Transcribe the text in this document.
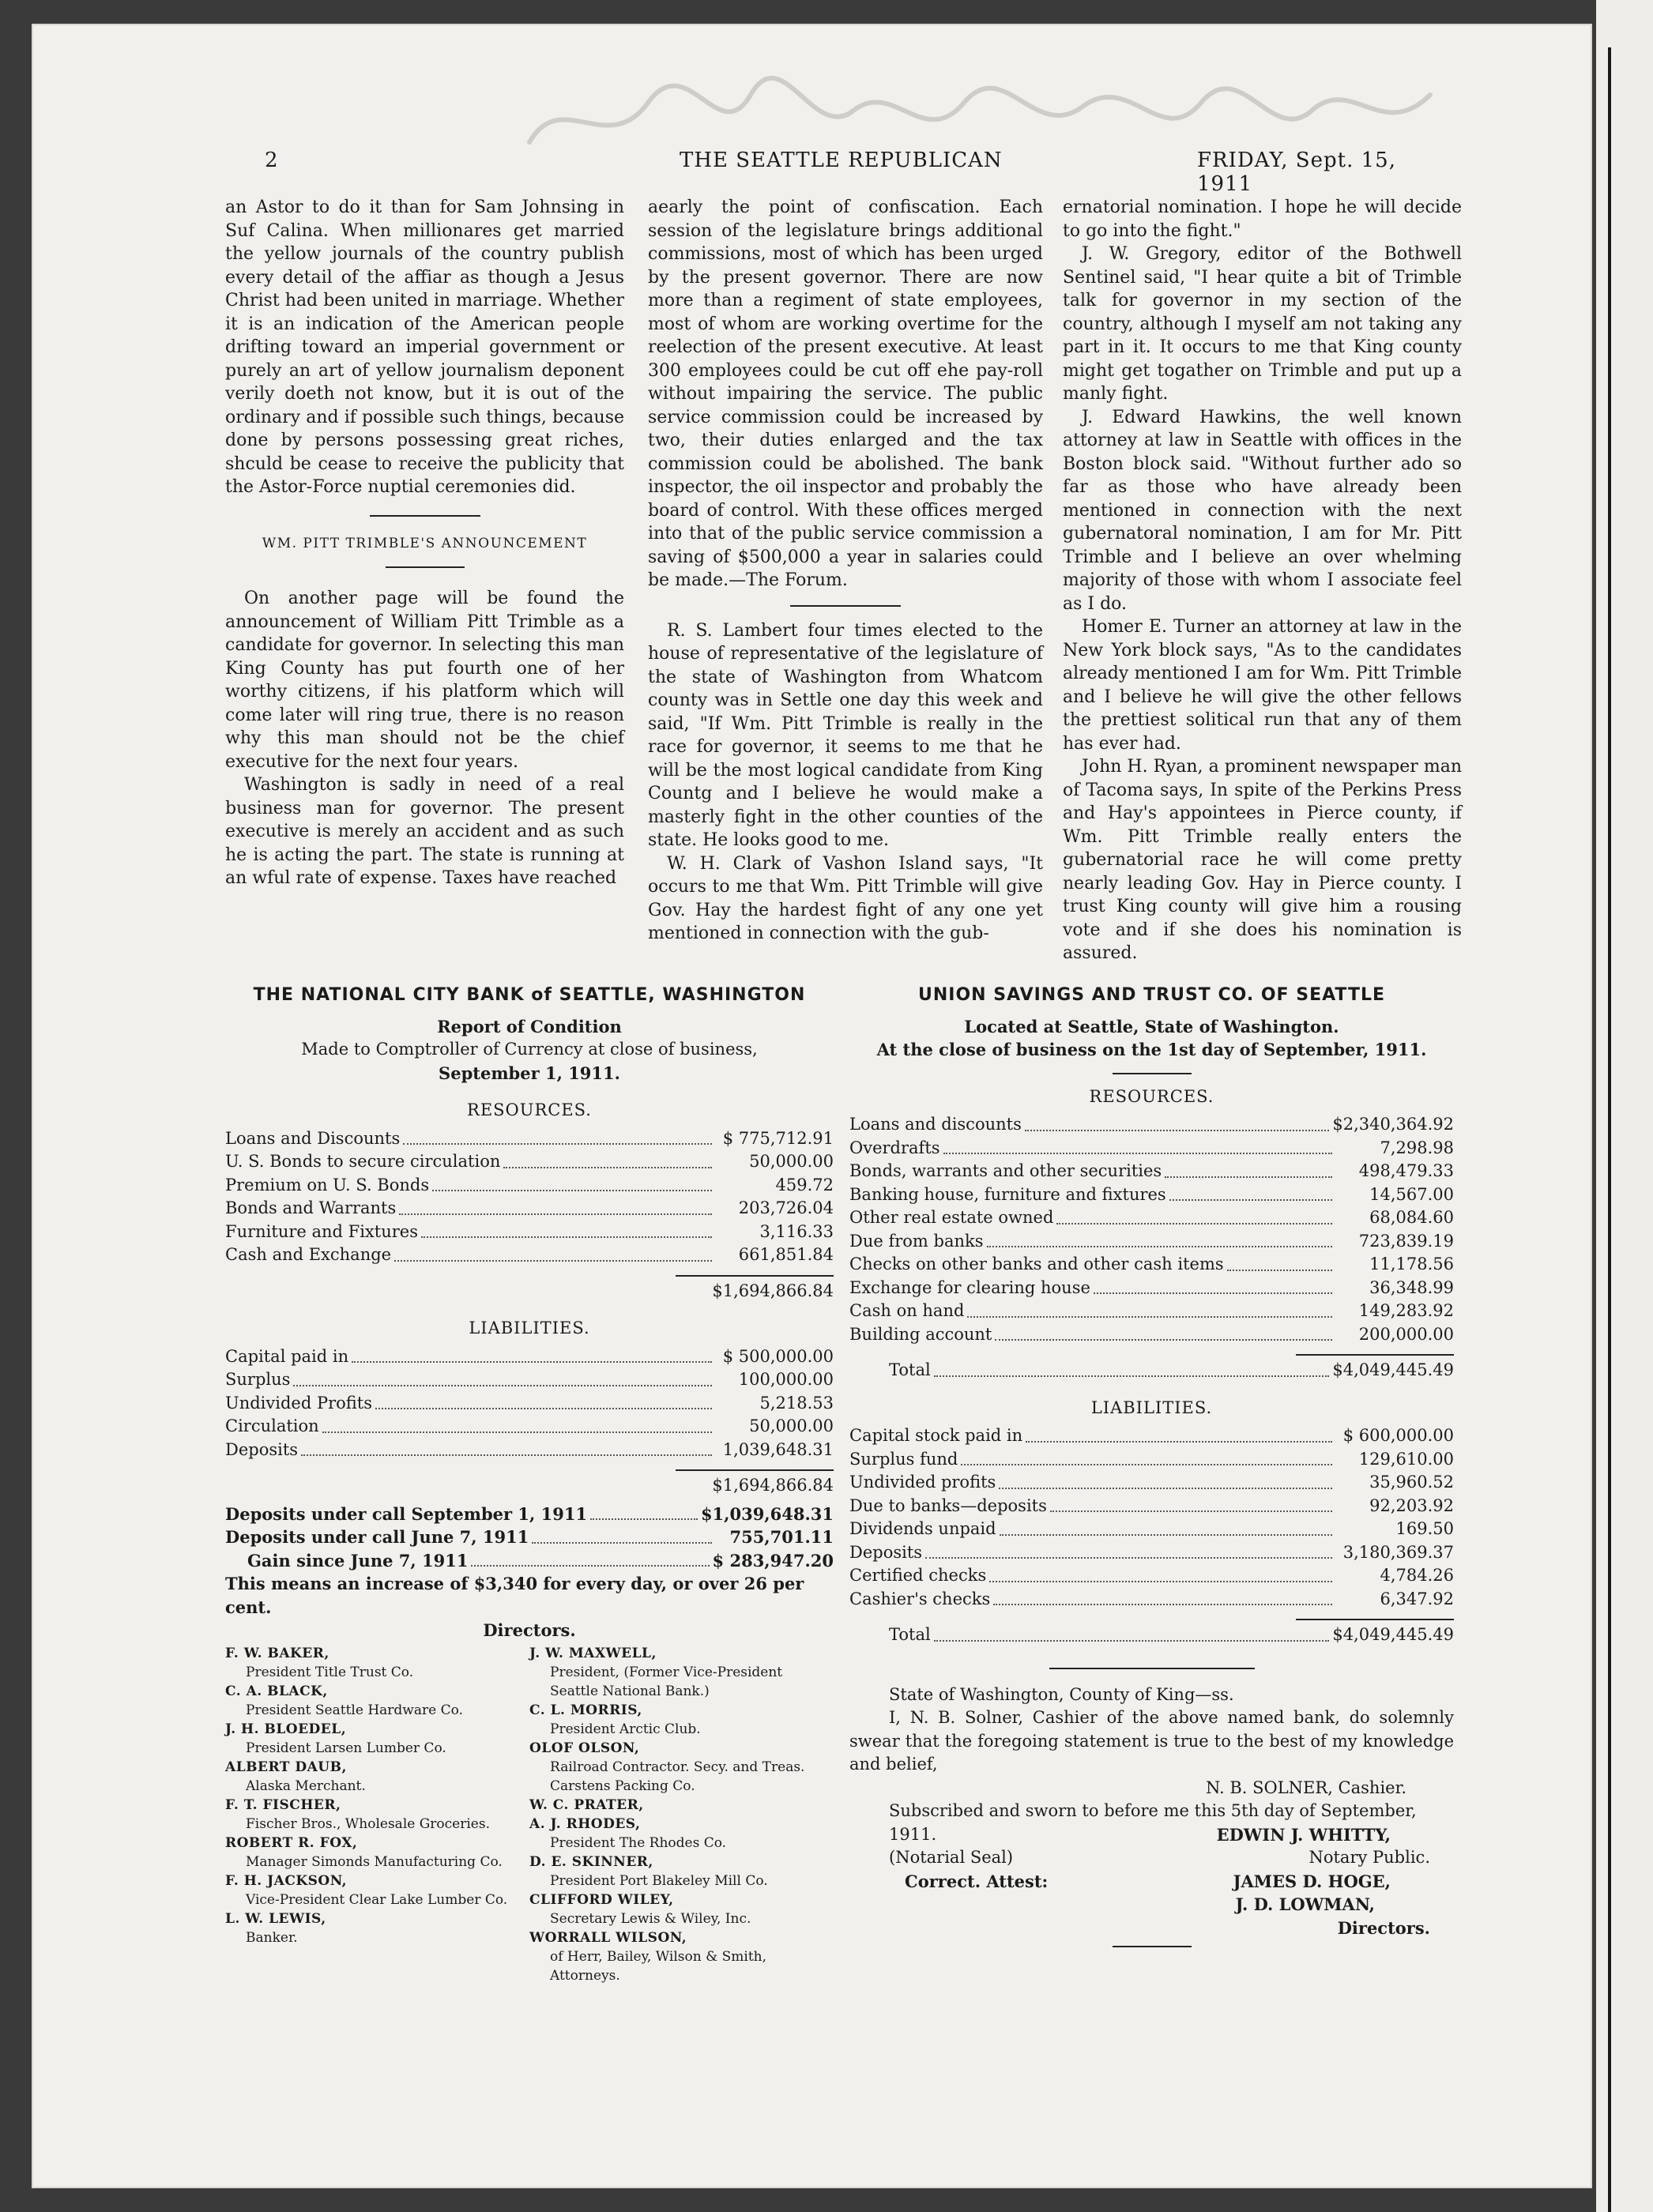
2	THE SEATTLE REPUBLICAN	FRIDAY, Sept. 15, 1911

an Astor to do it than for Sam Johnsing in Suf Calina. When millionares get married the yellow journals of the country publish every detail of the affiar as though a Jesus Christ had been united in marriage. Whether it is an indication of the American people drifting toward an imperial government or purely an art of yellow journalism deponent verily doeth not know, but it is out of the ordinary and if possible such things, because done by persons possessing great riches, shculd be cease to receive the publicity that the Astor-Force nuptial ceremonies did.

WM. PITT TRIMBLE'S ANNOUNCEMENT

On another page will be found the announcement of William Pitt Trimble as a candidate for governor. In selecting this man King County has put fourth one of her worthy citizens, if his platform which will come later will ring true, there is no reason why this man should not be the chief executive for the next four years.

Washington is sadly in need of a real business man for governor. The present executive is merely an accident and as such he is acting the part. The state is running at an wful rate of expense. Taxes have reached

aearly the point of confiscation. Each session of the legislature brings additional commissions, most of which has been urged by the present governor. There are now more than a regiment of state employees, most of whom are working overtime for the reelection of the present executive. At least 300 employees could be cut off ehe pay-roll without impairing the service. The public service commission could be increased by two, their duties enlarged and the tax commission could be abolished. The bank inspector, the oil inspector and probably the board of control. With these offices merged into that of the public service commission a saving of $500,000 a year in salaries could be made.—The Forum.

R. S. Lambert four times elected to the house of representative of the legislature of the state of Washington from Whatcom county was in Settle one day this week and said, "If Wm. Pitt Trimble is really in the race for governor, it seems to me that he will be the most logical candidate from King Countg and I believe he would make a masterly fight in the other counties of the state. He looks good to me.

W. H. Clark of Vashon Island says, "It occurs to me that Wm. Pitt Trimble will give Gov. Hay the hardest fight of any one yet mentioned in connection with the gub-

ernatorial nomination. I hope he will decide to go into the fight."

J. W. Gregory, editor of the Bothwell Sentinel said, "I hear quite a bit of Trimble talk for governor in my section of the country, although I myself am not taking any part in it. It occurs to me that King county might get togather on Trimble and put up a manly fight.

J. Edward Hawkins, the well known attorney at law in Seattle with offices in the Boston block said. "Without further ado so far as those who have already been mentioned in connection with the next gubernatoral nomination, I am for Mr. Pitt Trimble and I believe an over whelming majority of those with whom I associate feel as I do.

Homer E. Turner an attorney at law in the New York block says, "As to the candidates already mentioned I am for Wm. Pitt Trimble and I believe he will give the other fellows the prettiest solitical run that any of them has ever had.

John H. Ryan, a prominent newspaper man of Tacoma says, In spite of the Perkins Press and Hay's appointees in Pierce county, if Wm. Pitt Trimble really enters the gubernatorial race he will come pretty nearly leading Gov. Hay in Pierce county. I trust King county will give him a rousing vote and if she does his nomination is assured.

THE NATIONAL CITY BANK of SEATTLE, WASHINGTON
Report of Condition
Made to Comptroller of Currency at close of business,
September 1, 1911.
RESOURCES.
Loans and Discounts	$ 775,712.91
U. S. Bonds to secure circulation	50,000.00
Premium on U. S. Bonds	459.72
Bonds and Warrants	203,726.04
Furniture and Fixtures	3,116.33
Cash and Exchange	661,851.84
$1,694,866.84
LIABILITIES.
Capital paid in	$ 500,000.00
Surplus	100,000.00
Undivided Profits	5,218.53
Circulation	50,000.00
Deposits	1,039,648.31
$1,694,866.84
Deposits under call September 1, 1911	$1,039,648.31
Deposits under call June 7, 1911	755,701.11
Gain since June 7, 1911	$ 283,947.20
This means an increase of $3,340 for every day, or over 26 per cent.
Directors.
F. W. BAKER,
President Title Trust Co.
C. A. BLACK,
President Seattle Hardware Co.
J. H. BLOEDEL,
President Larsen Lumber Co.
ALBERT DAUB,
Alaska Merchant.
F. T. FISCHER,
Fischer Bros., Wholesale Groceries.
ROBERT R. FOX,
Manager Simonds Manufacturing Co.
F. H. JACKSON,
Vice-President Clear Lake Lumber Co.
L. W. LEWIS,
Banker.
J. W. MAXWELL,
President, (Former Vice-President Seattle National Bank.)
C. L. MORRIS,
President Arctic Club.
OLOF OLSON,
Railroad Contractor. Secy. and Treas. Carstens Packing Co.
W. C. PRATER,
A. J. RHODES,
President The Rhodes Co.
D. E. SKINNER,
President Port Blakeley Mill Co.
CLIFFORD WILEY,
Secretary Lewis & Wiley, Inc.
WORRALL WILSON,
of Herr, Bailey, Wilson & Smith, Attorneys.
UNION SAVINGS AND TRUST CO. OF SEATTLE
Located at Seattle, State of Washington.
At the close of business on the 1st day of September, 1911.
RESOURCES.
Loans and discounts	$2,340,364.92
Overdrafts	7,298.98
Bonds, warrants and other securities	498,479.33
Banking house, furniture and fixtures	14,567.00
Other real estate owned	68,084.60
Due from banks	723,839.19
Checks on other banks and other cash items	11,178.56
Exchange for clearing house	36,348.99
Cash on hand	149,283.92
Building account	200,000.00
Total	$4,049,445.49
LIABILITIES.
Capital stock paid in	$ 600,000.00
Surplus fund	129,610.00
Undivided profits	35,960.52
Due to banks—deposits	92,203.92
Dividends unpaid	169.50
Deposits	3,180,369.37
Certified checks	4,784.26
Cashier's checks	6,347.92
Total	$4,049,445.49
State of Washington, County of King—ss.
I, N. B. Solner, Cashier of the above named bank, do solemnly swear that the foregoing statement is true to the best of my knowledge and belief,
N. B. SOLNER, Cashier.
Subscribed and sworn to before me this 5th day of September,
1911.	EDWIN J. WHITTY,
(Notarial Seal)	Notary Public.
Correct. Attest:	JAMES D. HOGE,
J. D. LOWMAN,
Directors.
